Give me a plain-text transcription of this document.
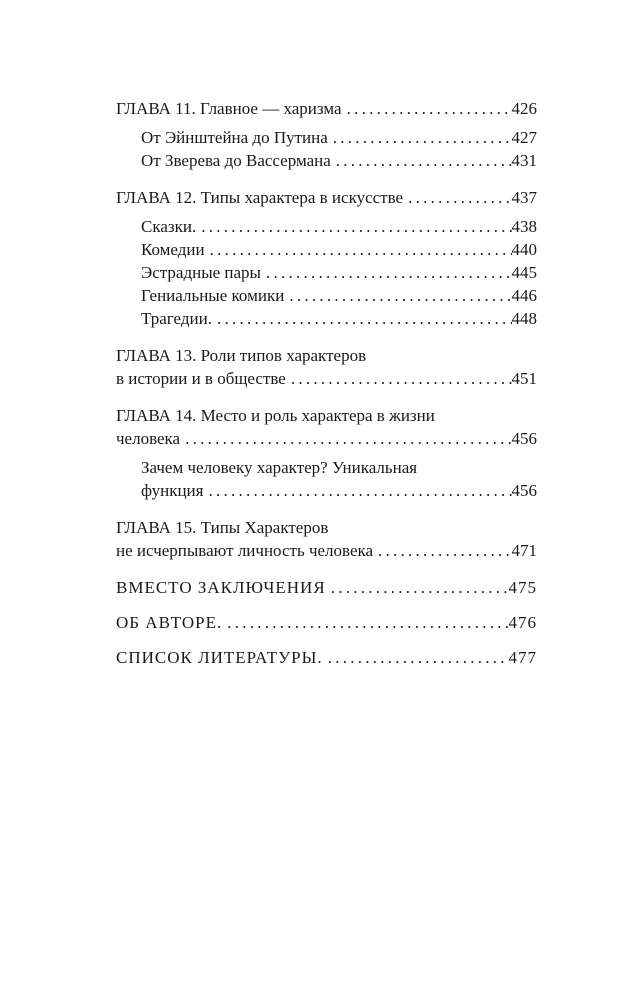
ГЛАВА 11. Главное — харизма . . .	426
От Эйнштейна до Путина . . .	427
От Зверева до Вассермана . . .	431
ГЛАВА 12. Типы характера в искусстве . . .	437
Сказки. . . .	438
Комедии . . .	440
Эстрадные пары . . .	445
Гениальные комики . . .	446
Трагедии. . . .	448
ГЛАВА 13. Роли типов характеров
в истории и в обществе . . .	451
ГЛАВА 14. Место и роль характера в жизни
человека . . .	456
Зачем человеку характер? Уникальная
функция . . .	456
ГЛАВА 15. Типы Характеров
не исчерпывают личность человека . . .	471
ВМЕСТО ЗАКЛЮЧЕНИЯ . . .	475
ОБ АВТОРЕ. . . .	476
СПИСОК ЛИТЕРАТУРЫ. . . .	477
